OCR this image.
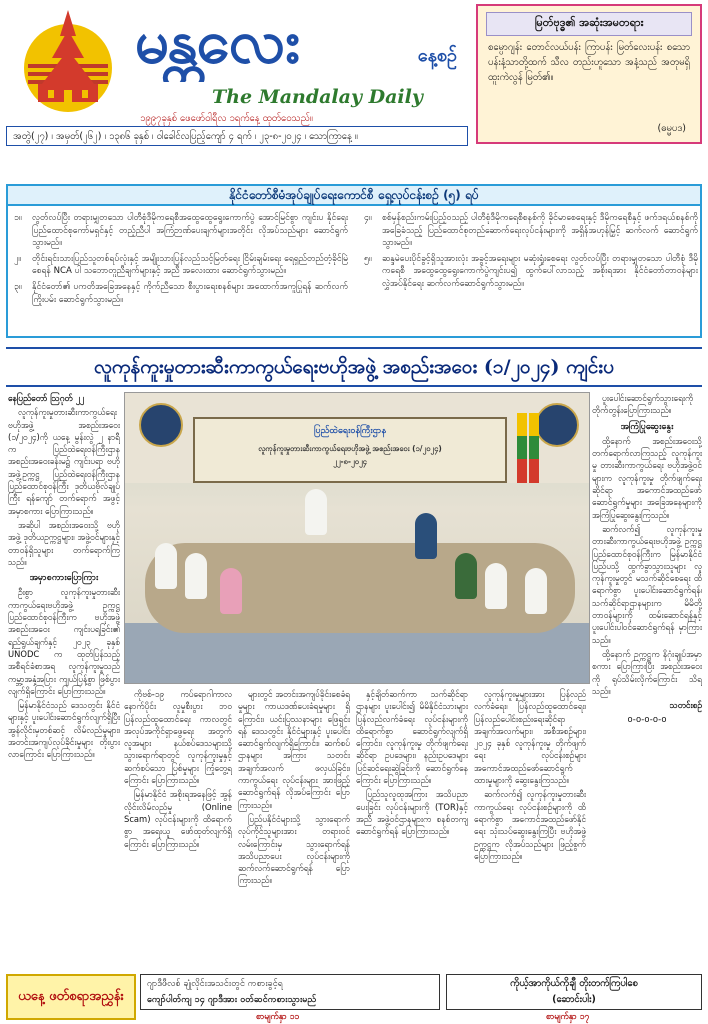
မန္တလေး	နေ့စဉ်
The Mandalay Daily
၁၉၉၇ခုနှစ် ဖေဖော်ဝါရီလ ၁ရက်နေ့ ထုတ်ဝေသည်။
အတွဲ(၂၇) ၊ အမှတ်(၂၆၂) ၊ ၁၃၈၆ ခုနှစ် ၊ ဝါခေါင်လပြည့်ကျော် ၄ ရက် ၊ ၂၃-၈-၂၀၂၄ ၊ သောကြာနေ့ ။
မြတ်ဗုဒ္ဓ၏ အဆုံးအမတရား
စမ္ပောဂျန်း တောင်လယ်ပန်း ကြာပန်း မြတ်လေးပန်း စသော ပန်းနံ့သာတို့ထက် သီလ တည်းဟူသော အနံ့သည် အတုမရှိ ထူးကဲလွန် မြတ်၏။
(ဓမ္မပဒ)
နိုင်ငံတော်စီမံအုပ်ချုပ်ရေးကောင်စီ ရှေ့လုပ်ငန်းစဉ် (၅) ရပ်
၁။	လွတ်လပ်ပြီး တရားမျှတသော ပါတီစုံဒီမိုကရေစီအထွေထွေရွေးကောက်ပွဲ အောင်မြင်စွာ ကျင်းပ နိုင်ရေး ပြည်ထောင်စုကော်မရှင်နှင့် တည့်ညီပါ အကြံဉာဏ်ပေးချက်များအတိုင်း လိုအပ်သည်များ ဆောင်ရွက်သွားမည်။
၂။	တိုင်းရင်းသားပြည်သူတစ်ရပ်လုံးနှင့် အမျိုးသားပြန်လည်သင့်မြတ်ရေး ငြိမ်းချမ်းရေး ရေရှည်တည်တံ့ခိုင်မြဲစေရန် NCA ပါ သဘောတူညီချက်များနှင့် အညီ အလေးထား ဆောင်ရွက်သွားမည်။
၃။	နိုင်ငံတော်၏ ပကတိအခြေအနေနှင့် ကိုက်ညီသော စီးပွားရေးစနစ်များ အထောက်အကူပြုရန် ဆက်လက်ကြိုးပမ်း ဆောင်ရွက်သွားမည်။
၄။	စစ်မှန်စည်းကမ်းပြည့်ဝသည့် ပါတီစုံဒီမိုကရေစီစနစ်ကို ခိုင်မာစေရေးနှင့် ဒီမိုကရေစီနှင့် ဖက်ဒရယ်စနစ်ကို အခြေခံသည့် ပြည်ထောင်စုတည်ဆောက်ရေးလုပ်ငန်းများကို အရှိန်အဟုန်မြှင့် ဆက်လက် ဆောင်ရွက်သွားမည်။
၅။	ဆန္ဒမဲပေးပိုင်ခွင့်ရှိသူအားလုံး အခွင့်အရေးများ မဆုံးရှုံးစေရေး လွတ်လပ်ပြီး တရားမျှတသော ပါတီစုံ ဒီမိုကရေစီ အထွေထွေရွေးကောက်ပွဲကျင်းပ၍ ထွက်ပေါ်လာသည့် အစိုးရအား နိုင်ငံတော်တာဝန်များ လွှဲအပ်နိုင်ရေး ဆက်လက်ဆောင်ရွက်သွားမည်။
လူကုန်ကူးမှုတားဆီးကာကွယ်ရေးဗဟိုအဖွဲ့ အစည်းအဝေး (၁/၂၀၂၄) ကျင်းပ

နေပြည်တော် ဩဂုတ် ၂၂

လူကုန်ကူးမှုတားဆီးကာကွယ်ရေးဗဟိုအဖွဲ့ အစည်းအဝေး (၁/၂၀၂၄)ကို ယနေ့ မွန်းလွဲ ၂ နာရီ က ပြည်ထဲရေးဝန်ကြီးဌာန အစည်းအဝေးခန်းမ၌ ကျင်းပရာ ဗဟိုအဖွဲ့ဥက္ကဋ္ဌ ပြည်ထဲရေးဝန်ကြီးဌာန ပြည်ထောင်စုဝန်ကြီး ဒုတိယဗိုလ်ချုပ်ကြီး ရန်ကျော် တက်ရောက် အဖွင့်အမှာစကား ပြောကြားသည်။

အဆိုပါ အစည်းအဝေးသို့ ဗဟိုအဖွဲ့ ဒုတိယဥက္ကဋ္ဌများ၊ အဖွဲ့ဝင်များနှင့် တာဝန်ရှိသူများ တက်ရောက်ကြသည်။

အမှာစကားပြောကြား

ဦးစွာ လူကုန်ကူးမှုတားဆီးကာကွယ်ရေးဗဟိုအဖွဲ့ ဥက္ကဋ္ဌ ပြည်ထောင်စုဝန်ကြီးက ဗဟိုအဖွဲ့ အစည်းအဝေး ကျင်းပရခြင်း၏ ရည်ရွယ်ချက်နှင့် ၂၀၂၃ ခုနှစ် UNODC က ထုတ်ပြန်သည့် အစီရင်ခံစာအရ လူကုန်ကူးမှုသည် ကမ္ဘာ့အနှံ့အပြား ကျယ်ပြန့်စွာ ဖြစ်ပွားလျက်ရှိကြောင်း ပြောကြားသည်။

မြန်မာနိုင်ငံသည် ဒေသတွင်း နိုင်ငံများနှင့် ပူးပေါင်းဆောင်ရွက်လျက်ရှိပြီး အွန်လိုင်းမှတစ်ဆင့် လိမ်လည်မှုများ၊ အတင်းအကျပ်လုပ်ခိုင်းမှုများ တိုးပွားလာကြောင်း ပြောကြားသည်။

ပြည်ထဲရေးဝန်ကြီးဌာန
လူကုန်ကူးမှုတားဆီးကာကွယ်ရေးဗဟိုအဖွဲ့ အစည်းအဝေး (၁/၂၀၂၄)
၂၂-၈-၂၀၂၄

ကိုဗစ်-၁၉ ကပ်ရောဂါကာလနောက်ပိုင်း လူမှုစီးပွား ဘဝ ပြန်လည်ထူထောင်ရေး ကာလတွင် အလုပ်အကိုင်ရှာဖွေရေး အတွက် လူအများ နယ်စပ်ဒေသများသို့ သွားရောက်ရာတွင် လူကုန်ကူးမှုနှင့် ဆက်စပ်သော ပြစ်မှုများ ကြုံတွေ့ရကြောင်း ပြောကြားသည်။

မြန်မာနိုင်ငံ အစိုးရအနေဖြင့် အွန်လိုင်းလိမ်လည်မှု (Online Scam) လုပ်ငန်းများကို ထိရောက်စွာ အရေးယူ ဖော်ထုတ်လျက်ရှိကြောင်း ပြောကြားသည်။

များတွင် အတင်းအကျပ်ခိုင်းစေခံရမှုများ ကာယဒဏ်ပေးခံရမှုများ ရှိကြောင်း၊ ယင်းပြဿနာများ ဖြေရှင်းရန် ဒေသတွင်း နိုင်ငံများနှင့် ပူးပေါင်းဆောင်ရွက်လျက်ရှိကြောင်း၊ ဆက်စပ်ဌာနများ အကြား သတင်းအချက်အလက် ဖလှယ်ခြင်း၊ ကာကွယ်ရေး လုပ်ငန်းများ အားဖြည့်ဆောင်ရွက်ရန် လိုအပ်ကြောင်း ပြောကြားသည်။

ပြည်ပနိုင်ငံများသို့ သွားရောက်လုပ်ကိုင်သူများအား တရားဝင်လမ်းကြောင်းမှ သွားရောက်ရန် အသိပညာပေး လုပ်ငန်းများကို ဆက်လက်ဆောင်ရွက်ရန် ပြောကြားသည်။

နှင့်ချိတ်ဆက်ကာ သက်ဆိုင်ရာဌာနများ ပူးပေါင်း၍ မိမိနိုင်ငံသားများ ပြန်လည်လက်ခံရေး လုပ်ငန်းများကို ထိရောက်စွာ ဆောင်ရွက်လျက်ရှိကြောင်း၊ လူကုန်ကူးမှု တိုက်ဖျက်ရေး ဆိုင်ရာ ဥပဒေများ၊ နည်းဥပဒေများ ပြင်ဆင်ရေးဆွဲခြင်းကို ဆောင်ရွက်နေကြောင်း ပြောကြားသည်။

ပြည်သူလူထုအကြား အသိပညာပေးခြင်း လုပ်ငန်းများကို (TOR)နှင့်အညီ အဖွဲ့ဝင်ဌာနများက စနစ်တကျ ဆောင်ရွက်ရန် ပြောကြားသည်။

လူကုန်ကူးမှုများအား ပြန်လည်လက်ခံရေး၊ ပြန်လည်ထူထောင်ရေး၊ ပြန်လည်ပေါင်းစည်းရေးဆိုင်ရာ အချက်အလက်များ၊ အစီအစဉ်များ၊ ၂၀၂၄ ခုနှစ် လူကုန်ကူးမှု တိုက်ဖျက်ရေး လုပ်ငန်းစဉ်များ အကောင်အထည်ဖော်ဆောင်ရွက်ထားမှုများကို ဆွေးနွေးကြသည်။

ဆက်လက်၍ လူကုန်ကူးမှုတားဆီးကာကွယ်ရေး လုပ်ငန်းစဉ်များကို ထိရောက်စွာ အကောင်အထည်ဖော်နိုင်ရေး သုံးသပ်ဆွေးနွေးကြပြီး ဗဟိုအဖွဲ့ဥက္ကဋ္ဌက လိုအပ်သည်များ ဖြည့်စွက်ပြောကြားသည်။

ပူးပေါင်းဆောင်ရွက်သွားရေးကို တိုက်တွန်းပြောကြားသည်။

အကြံပြုဆွေးနွေး

ထို့နောက် အစည်းအဝေးသို့ တက်ရောက်လာကြသည့် လူကုန်ကူးမှု တားဆီးကာကွယ်ရေး ဗဟိုအဖွဲ့ဝင်များက လူကုန်ကူးမှု တိုက်ဖျက်ရေးဆိုင်ရာ အကောင်အထည်ဖော်ဆောင်ရွက်မှုများ အခြေအနေများကို အကြံပြုဆွေးနွေးကြသည်။

ဆက်လက်၍ လူကုန်ကူးမှု တားဆီးကာကွယ်ရေးဗဟိုအဖွဲ့ ဥက္ကဋ္ဌ ပြည်ထောင်စုဝန်ကြီးက မြန်မာနိုင်ငံ ပြည်ပသို့ ထွက်ခွာသွားသူများ လူကုန်ကူးမှုတွင် မသက်ဆိုင်စေရေး ထိရောက်စွာ ပူးပေါင်းဆောင်ရွက်ရန်၊ သက်ဆိုင်ရာဌာနများက မိမိတို့ တာဝန်များကို ထမ်းဆောင်ရန်နှင့် ပူးပေါင်းပါဝင်ဆောင်ရွက်ရန် မှာကြားသည်။

ထို့နောက် ဥက္ကဋ္ဌက နိဂုံးချုပ်အမှာစကား ပြောကြားပြီး အစည်းအဝေးကို ရုပ်သိမ်းလိုက်ကြောင်း သိရသည်။

သတင်းစဉ်

o-o-o-o-o

ယနေ့ ဖတ်စရာအညွှန်း
ဂျာဒီဖီလစ် ချုံလိုင်းအသင်းတွင် ကစားခွင့်ရ
ကျော်ပါတ်ကျ ၁၄ ဂျာဒီအား ဝတ်ဆင်ကစားသွားမည်
ကိုယ့်အာကိုယ်ကိုချီ တိုးတက်ကြပါစေ
(ဆောင်းပါး)
စာမျက်နှာ ၁၁	စာမျက်နှာ ၁၇
